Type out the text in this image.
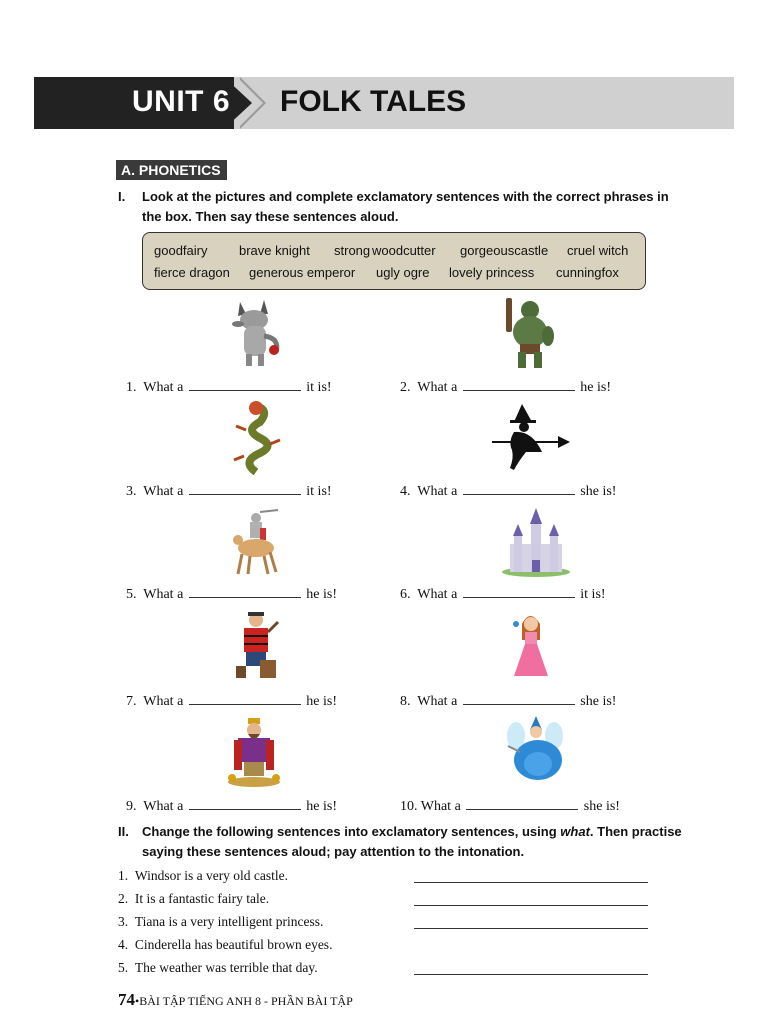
UNIT 6 FOLK TALES
A. PHONETICS
I. Look at the pictures and complete exclamatory sentences with the correct phrases in the box. Then say these sentences aloud.
goodfairy brave knight strong woodcutter gorgeouscastle cruel witch
fierce dragon generous emperor ugly ogre lovely princess cunningfox
1. What a	it is!	2. What a	he is!
3. What a	it is!	4. What a	she is!
5. What a	he is!	6. What a	it is!
7. What a	he is!	8. What a	she is!
9. What a	he is!	10. What a	she is!
II. Change the following sentences into exclamatory sentences, using what. Then practise saying these sentences aloud; pay attention to the intonation.
1. Windsor is a very old castle.
2. It is a fantastic fairy tale.
3. Tiana is a very intelligent princess.
4. Cinderella has beautiful brown eyes.
5. The weather was terrible that day.
74•BÀI TẬP TIẾNG ANH 8 - PHẦN BÀI TẬP
